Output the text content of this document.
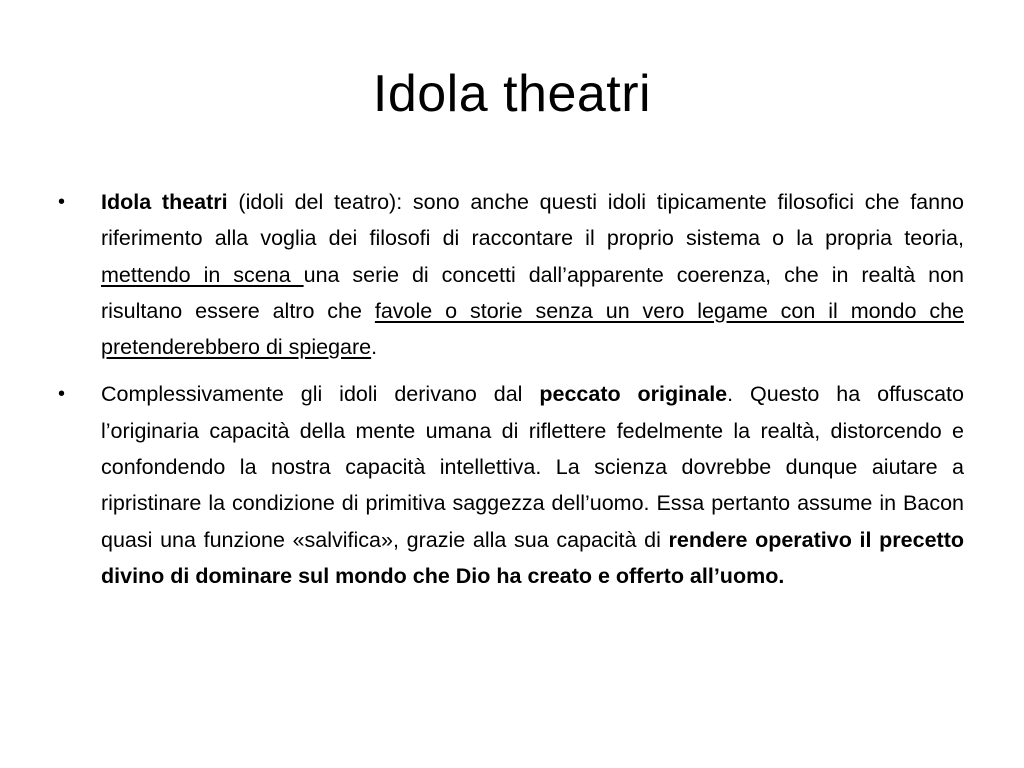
Idola theatri
• Idola theatri (idoli del teatro): sono anche questi idoli tipicamente filosofici che fanno riferimento alla voglia dei filosofi di raccontare il proprio sistema o la propria teoria, mettendo in scena una serie di concetti dall’apparente coerenza, che in realtà non risultano essere altro che favole o storie senza un vero legame con il mondo che pretenderebbero di spiegare.
• Complessivamente gli idoli derivano dal peccato originale. Questo ha offuscato l’originaria capacità della mente umana di riflettere fedelmente la realtà, distorcendo e confondendo la nostra capacità intellettiva. La scienza dovrebbe dunque aiutare a ripristinare la condizione di primitiva saggezza dell’uomo. Essa pertanto assume in Bacon quasi una funzione «salvifica», grazie alla sua capacità di rendere operativo il precetto divino di dominare sul mondo che Dio ha creato e offerto all’uomo.
